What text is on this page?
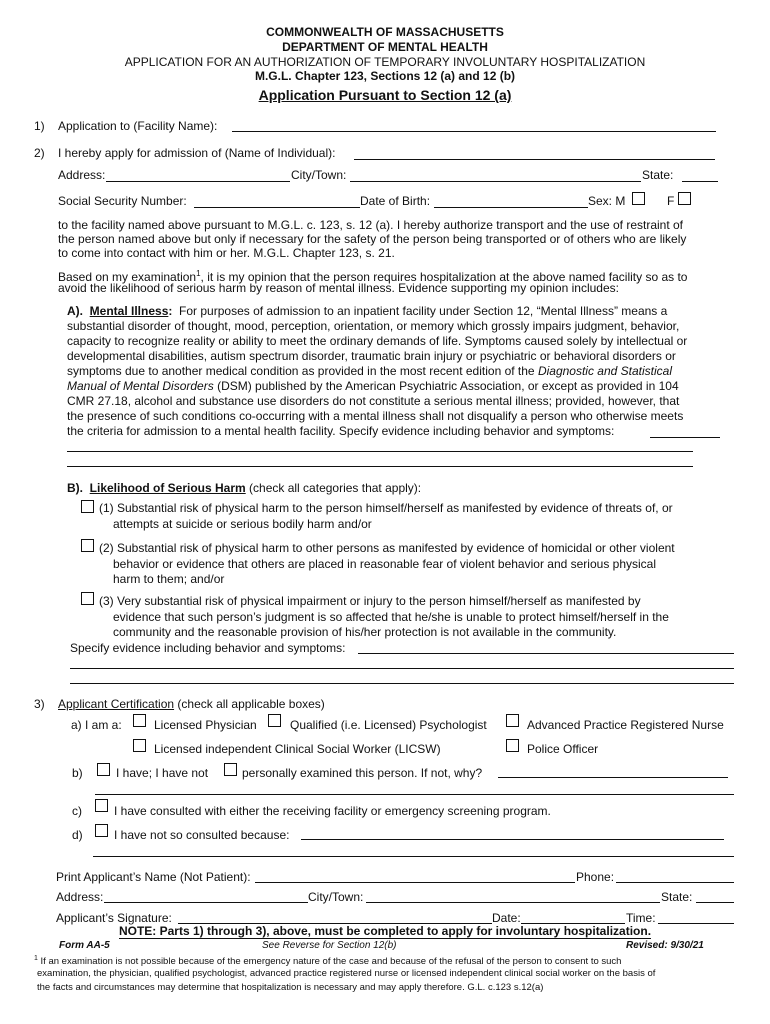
COMMONWEALTH OF MASSACHUSETTS
DEPARTMENT OF MENTAL HEALTH
APPLICATION FOR AN AUTHORIZATION OF TEMPORARY INVOLUNTARY HOSPITALIZATION
M.G.L. Chapter 123, Sections 12 (a) and 12 (b)
Application Pursuant to Section 12 (a)
1) Application to (Facility Name):
2) I hereby apply for admission of (Name of Individual):
Address:	City/Town:	State:
Social Security Number:	Date of Birth:	Sex: M	F
to the facility named above pursuant to M.G.L. c. 123, s. 12 (a). I hereby authorize transport and the use of restraint of
the person named above but only if necessary for the safety of the person being transported or of others who are likely
to come into contact with him or her. M.G.L. Chapter 123, s. 21.
Based on my examination$^1$, it is my opinion that the person requires hospitalization at the above named facility so as to
avoid the likelihood of serious harm by reason of mental illness. Evidence supporting my opinion includes:
A). Mental Illness: For purposes of admission to an inpatient facility under Section 12, “Mental Illness” means a
substantial disorder of thought, mood, perception, orientation, or memory which grossly impairs judgment, behavior,
capacity to recognize reality or ability to meet the ordinary demands of life. Symptoms caused solely by intellectual or
developmental disabilities, autism spectrum disorder, traumatic brain injury or psychiatric or behavioral disorders or
symptoms due to another medical condition as provided in the most recent edition of the Diagnostic and Statistical
Manual of Mental Disorders (DSM) published by the American Psychiatric Association, or except as provided in 104
CMR 27.18, alcohol and substance use disorders do not constitute a serious mental illness; provided, however, that
the presence of such conditions co-occurring with a mental illness shall not disqualify a person who otherwise meets
the criteria for admission to a mental health facility. Specify evidence including behavior and symptoms:
B). Likelihood of Serious Harm (check all categories that apply):
(1) Substantial risk of physical harm to the person himself/herself as manifested by evidence of threats of, or
attempts at suicide or serious bodily harm and/or
(2) Substantial risk of physical harm to other persons as manifested by evidence of homicidal or other violent
behavior or evidence that others are placed in reasonable fear of violent behavior and serious physical
harm to them; and/or
(3) Very substantial risk of physical impairment or injury to the person himself/herself as manifested by
evidence that such person’s judgment is so affected that he/she is unable to protect himself/herself in the
community and the reasonable provision of his/her protection is not available in the community.
Specify evidence including behavior and symptoms:
3) Applicant Certification (check all applicable boxes)
a) I am a:	Licensed Physician	Qualified (i.e. Licensed) Psychologist	Advanced Practice Registered Nurse
Licensed independent Clinical Social Worker (LICSW)	Police Officer
b)	I have; I have not	personally examined this person. If not, why?
c)	I have consulted with either the receiving facility or emergency screening program.
d)	I have not so consulted because:
Print Applicant’s Name (Not Patient):	Phone:
Address:	City/Town:	State:
Applicant’s Signature:	Date:	Time:
NOTE: Parts 1) through 3), above, must be completed to apply for involuntary hospitalization.
Form AA-5	See Reverse for Section 12(b)	Revised: 9/30/21
$^1$ If an examination is not possible because of the emergency nature of the case and because of the refusal of the person to consent to such
examination, the physician, qualified psychologist, advanced practice registered nurse or licensed independent clinical social worker on the basis of
the facts and circumstances may determine that hospitalization is necessary and may apply therefore. G.L. c.123 s.12(a)
